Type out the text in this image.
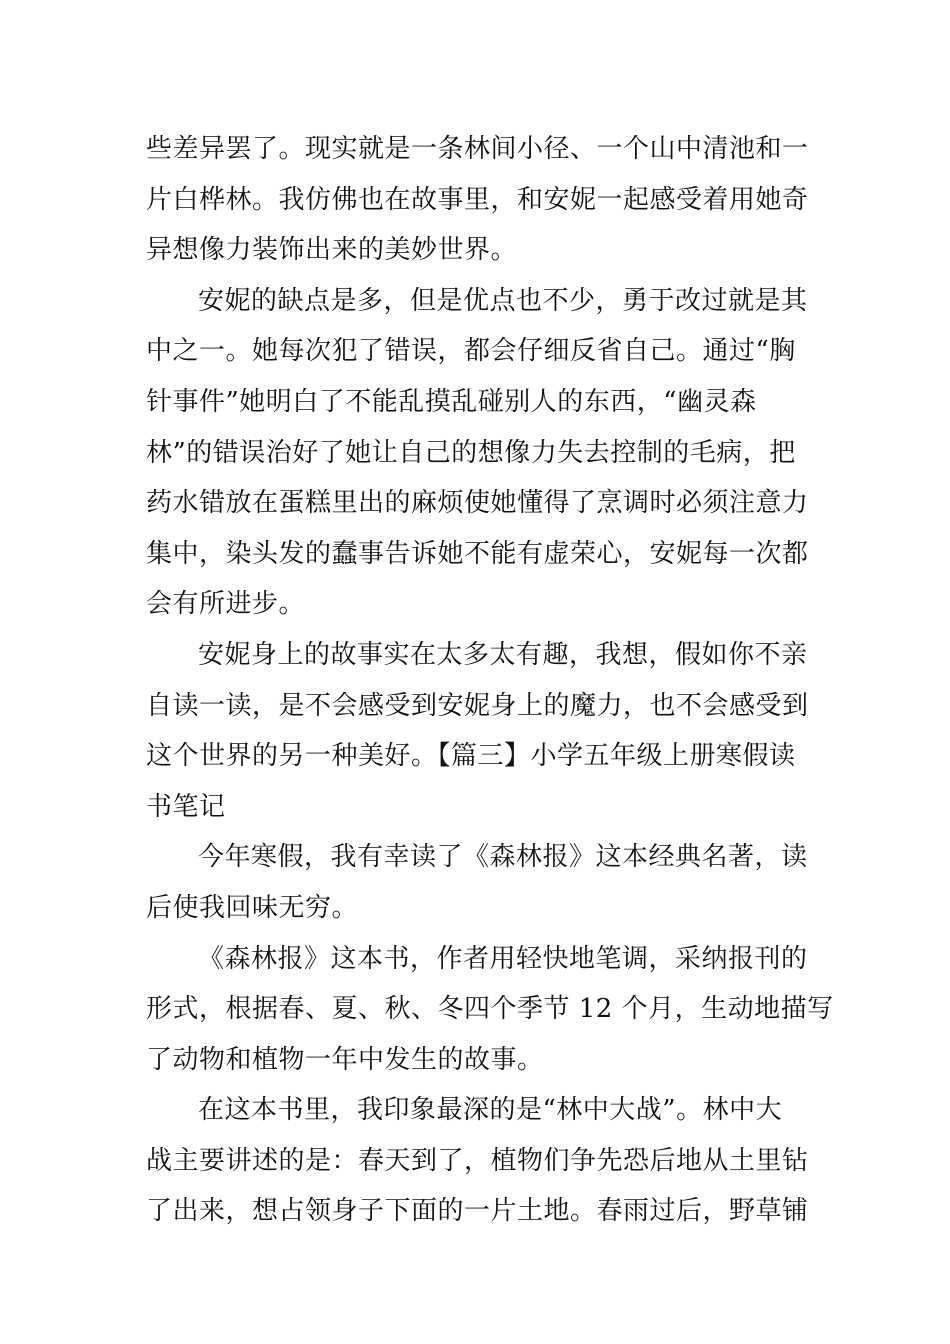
些差异罢了。现实就是一条林间小径、一个山中清池和一
片白桦林。我仿佛也在故事里，和安妮一起感受着用她奇
异想像力装饰出来的美妙世界。
安妮的缺点是多，但是优点也不少，勇于改过就是其
中之一。她每次犯了错误，都会仔细反省自己。通过“胸
针事件”她明白了不能乱摸乱碰别人的东西，“幽灵森
林”的错误治好了她让自己的想像力失去控制的毛病，把
药水错放在蛋糕里出的麻烦使她懂得了烹调时必须注意力
集中，染头发的蠢事告诉她不能有虚荣心，安妮每一次都
会有所进步。
安妮身上的故事实在太多太有趣，我想，假如你不亲
自读一读，是不会感受到安妮身上的魔力，也不会感受到
这个世界的另一种美好。【篇三】小学五年级上册寒假读
书笔记
今年寒假，我有幸读了《森林报》这本经典名著，读
后使我回味无穷。
《森林报》这本书，作者用轻快地笔调，采纳报刊的
形式，根据春、夏、秋、冬四个季节 12 个月，生动地描写
了动物和植物一年中发生的故事。
在这本书里，我印象最深的是“林中大战”。林中大
战主要讲述的是：春天到了，植物们争先恐后地从土里钻
了出来，想占领身子下面的一片土地。春雨过后，野草铺
